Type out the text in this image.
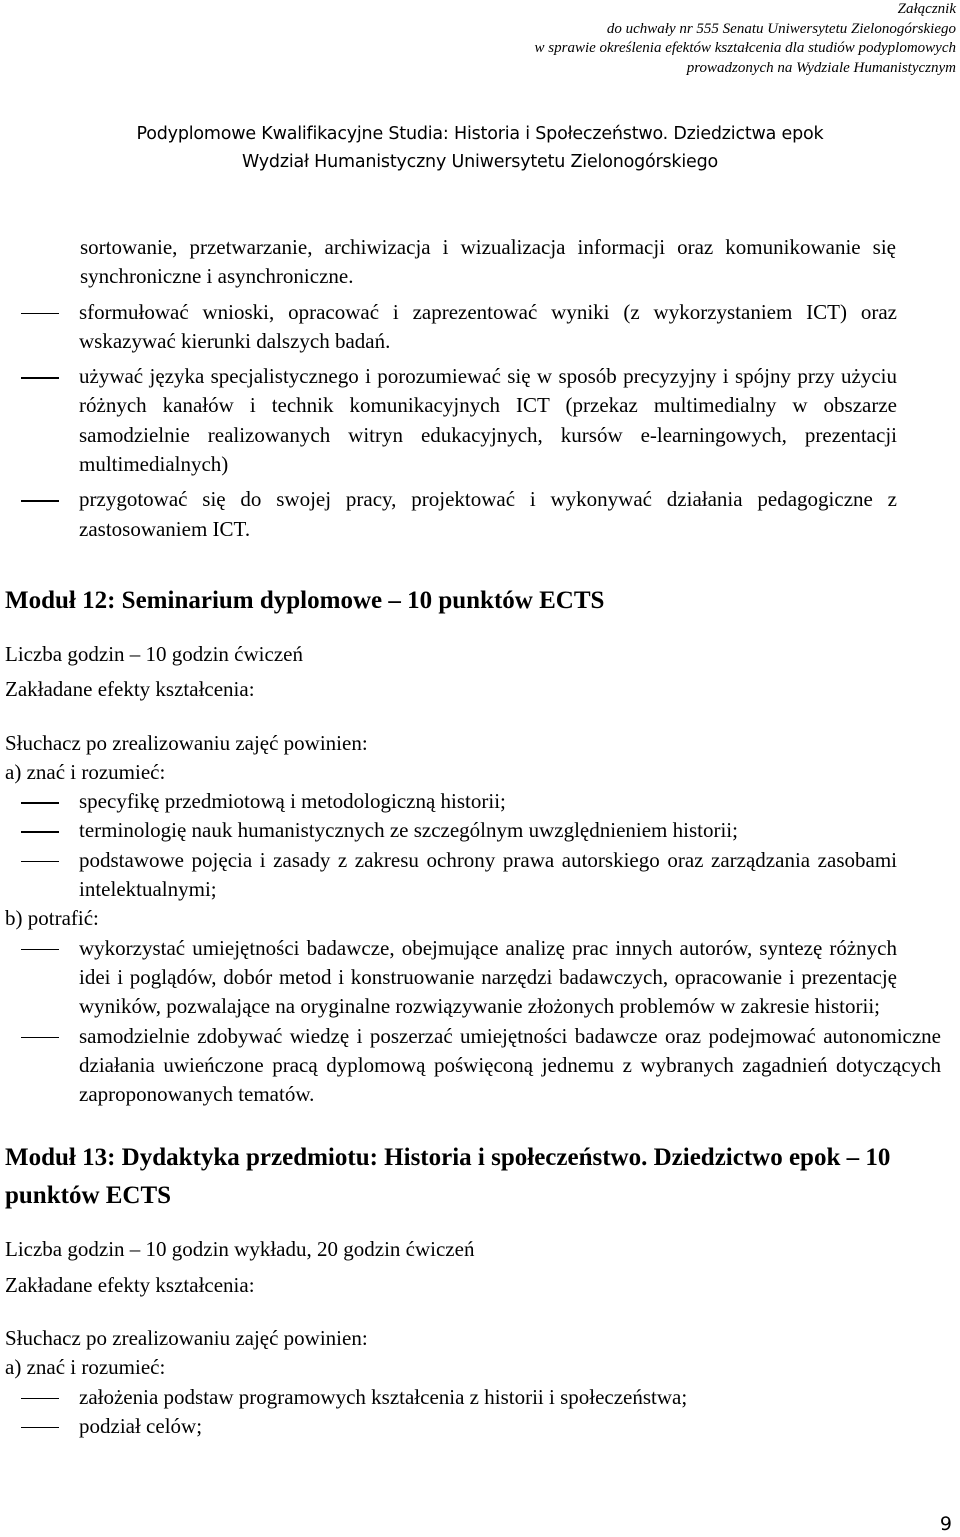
Załącznik
do uchwały nr 555 Senatu Uniwersytetu Zielonogórskiego
w sprawie określenia efektów kształcenia dla studiów podyplomowych
prowadzonych na Wydziale Humanistycznym
Podyplomowe Kwalifikacyjne Studia: Historia i Społeczeństwo. Dziedzictwa epok
Wydział Humanistyczny Uniwersytetu Zielonogórskiego
sortowanie, przetwarzanie, archiwizacja i wizualizacja informacji oraz komunikowanie się synchroniczne i asynchroniczne.
sformułować wnioski, opracować i zaprezentować wyniki (z wykorzystaniem ICT) oraz wskazywać kierunki dalszych badań.
używać języka specjalistycznego i porozumiewać się w sposób precyzyjny i spójny przy użyciu różnych kanałów i technik komunikacyjnych ICT (przekaz multimedialny w obszarze samodzielnie realizowanych witryn edukacyjnych, kursów e-learningowych, prezentacji multimedialnych)
przygotować się do swojej pracy, projektować i wykonywać działania pedagogiczne z zastosowaniem ICT.
Moduł 12: Seminarium dyplomowe – 10 punktów ECTS
Liczba godzin – 10 godzin ćwiczeń
Zakładane efekty kształcenia:
Słuchacz po zrealizowaniu zajęć powinien:
a) znać i rozumieć:
specyfikę przedmiotową i metodologiczną historii;
terminologię nauk humanistycznych ze szczególnym uwzględnieniem historii;
podstawowe pojęcia i zasady z zakresu ochrony prawa autorskiego oraz zarządzania zasobami intelektualnymi;
b) potrafić:
wykorzystać umiejętności badawcze, obejmujące analizę prac innych autorów, syntezę różnych idei i poglądów, dobór metod i konstruowanie narzędzi badawczych, opracowanie i prezentację wyników, pozwalające na oryginalne rozwiązywanie złożonych problemów w zakresie historii;
samodzielnie zdobywać wiedzę i poszerzać umiejętności badawcze oraz podejmować autonomiczne działania uwieńczone pracą dyplomową poświęconą jednemu z wybranych zagadnień dotyczących zaproponowanych tematów.
Moduł 13: Dydaktyka przedmiotu: Historia i społeczeństwo. Dziedzictwo epok – 10 punktów ECTS
Liczba godzin – 10 godzin wykładu, 20 godzin ćwiczeń
Zakładane efekty kształcenia:
Słuchacz po zrealizowaniu zajęć powinien:
a) znać i rozumieć:
założenia podstaw programowych kształcenia z historii i społeczeństwa;
podział celów;
9
